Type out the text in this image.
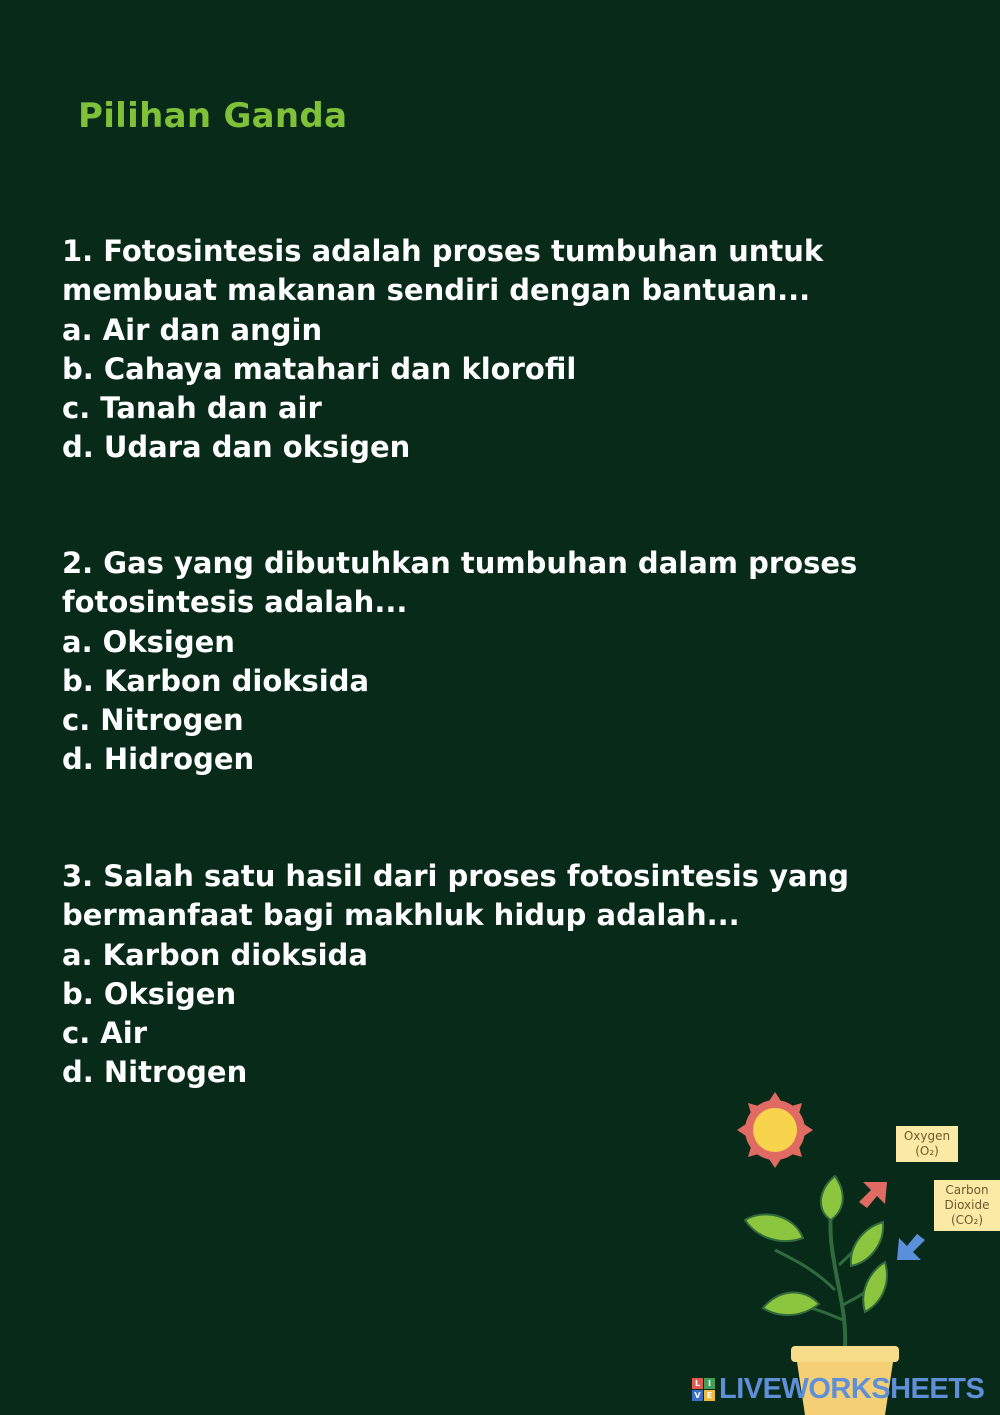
Pilihan Ganda
1. Fotosintesis adalah proses tumbuhan untuk
membuat makanan sendiri dengan bantuan...
a. Air dan angin
b. Cahaya matahari dan klorofil
c. Tanah dan air
d. Udara dan oksigen
2. Gas yang dibutuhkan tumbuhan dalam proses
fotosintesis adalah...
a. Oksigen
b. Karbon dioksida
c. Nitrogen
d. Hidrogen
3. Salah satu hasil dari proses fotosintesis yang
bermanfaat bagi makhluk hidup adalah...
a. Karbon dioksida
b. Oksigen
c. Air
d. Nitrogen
Oxygen
(O₂)
Carbon
Dioxide
(CO₂)
L I
V E LIVEWORKSHEETS
